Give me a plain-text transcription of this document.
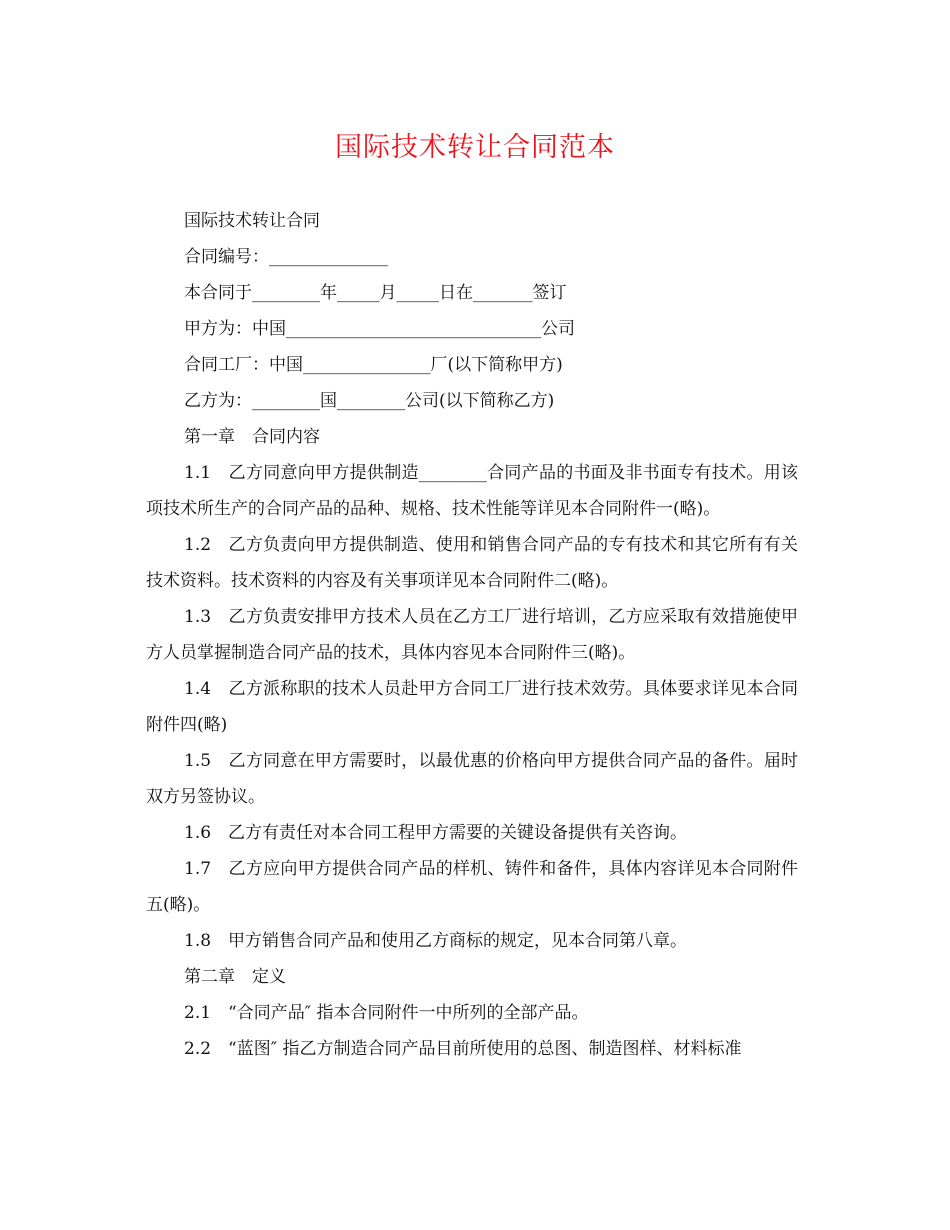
国际技术转让合同范本

国际技术转让合同

合同编号：______________

本合同于________年_____月_____日在_______签订

甲方为：中国______________________________公司

合同工厂：中国_______________厂(以下简称甲方)

乙方为：________国________公司(以下简称乙方)

第一章　合同内容

1.1　乙方同意向甲方提供制造________合同产品的书面及非书面专有技术。用该项技术所生产的合同产品的品种、规格、技术性能等详见本合同附件一(略)。

1.2　乙方负责向甲方提供制造、使用和销售合同产品的专有技术和其它所有有关技术资料。技术资料的内容及有关事项详见本合同附件二(略)。

1.3　乙方负责安排甲方技术人员在乙方工厂进行培训，乙方应采取有效措施使甲方人员掌握制造合同产品的技术，具体内容见本合同附件三(略)。

1.4　乙方派称职的技术人员赴甲方合同工厂进行技术效劳。具体要求详见本合同附件四(略)

1.5　乙方同意在甲方需要时，以最优惠的价格向甲方提供合同产品的备件。届时双方另签协议。

1.6　乙方有责任对本合同工程甲方需要的关键设备提供有关咨询。

1.7　乙方应向甲方提供合同产品的样机、铸件和备件，具体内容详见本合同附件五(略)。

1.8　甲方销售合同产品和使用乙方商标的规定，见本合同第八章。

第二章　定义

2.1　“合同产品″ 指本合同附件一中所列的全部产品。

2.2　“蓝图″ 指乙方制造合同产品目前所使用的总图、制造图样、材料标准
